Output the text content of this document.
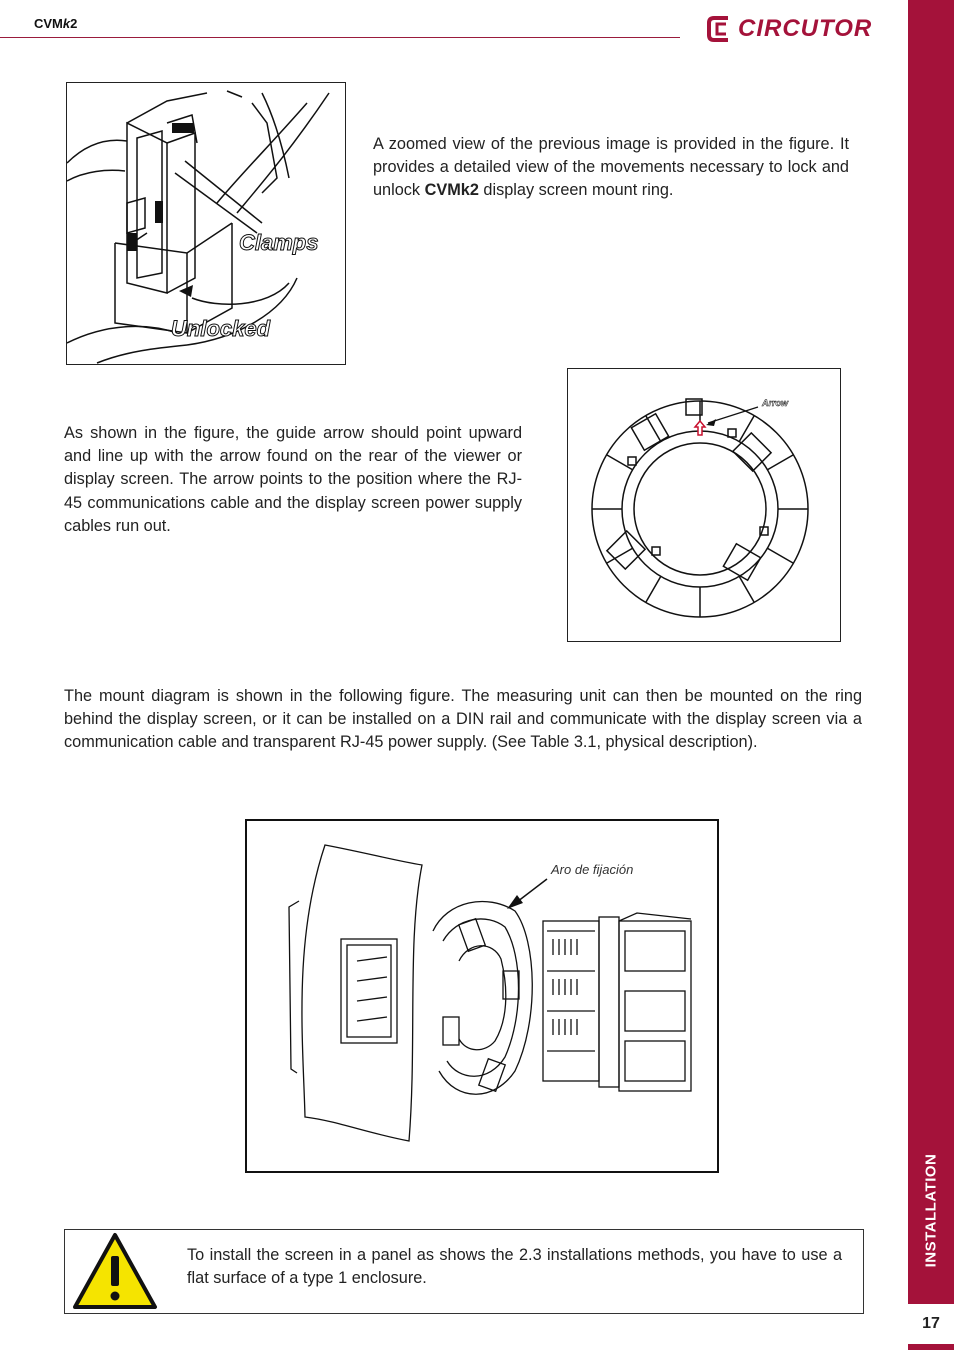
CVMk2	CIRCUTOR
INSTALLATION
17
Clamps
Unlocked

A zoomed view of the previous image is provided in the figure. It provides a detailed view of the movements necessary to lock and unlock CVMk2 display screen mount ring.

As shown in the figure, the guide arrow should point upward and line up with the arrow found on the rear of the viewer or display screen. The arrow points to the position where the RJ-45 communications cable and the display screen power supply cables run out.

Arrow

The mount diagram is shown in the following figure. The measuring unit can then be mounted on the ring behind the display screen, or it can be installed on a DIN rail and communicate with the display screen via a communication cable and transparent RJ-45 power supply. (See Table 3.1, physical description).

Aro de fijación

To install the screen in a panel as shows the 2.3 installations methods, you have to use a flat surface of a type 1 enclosure.
